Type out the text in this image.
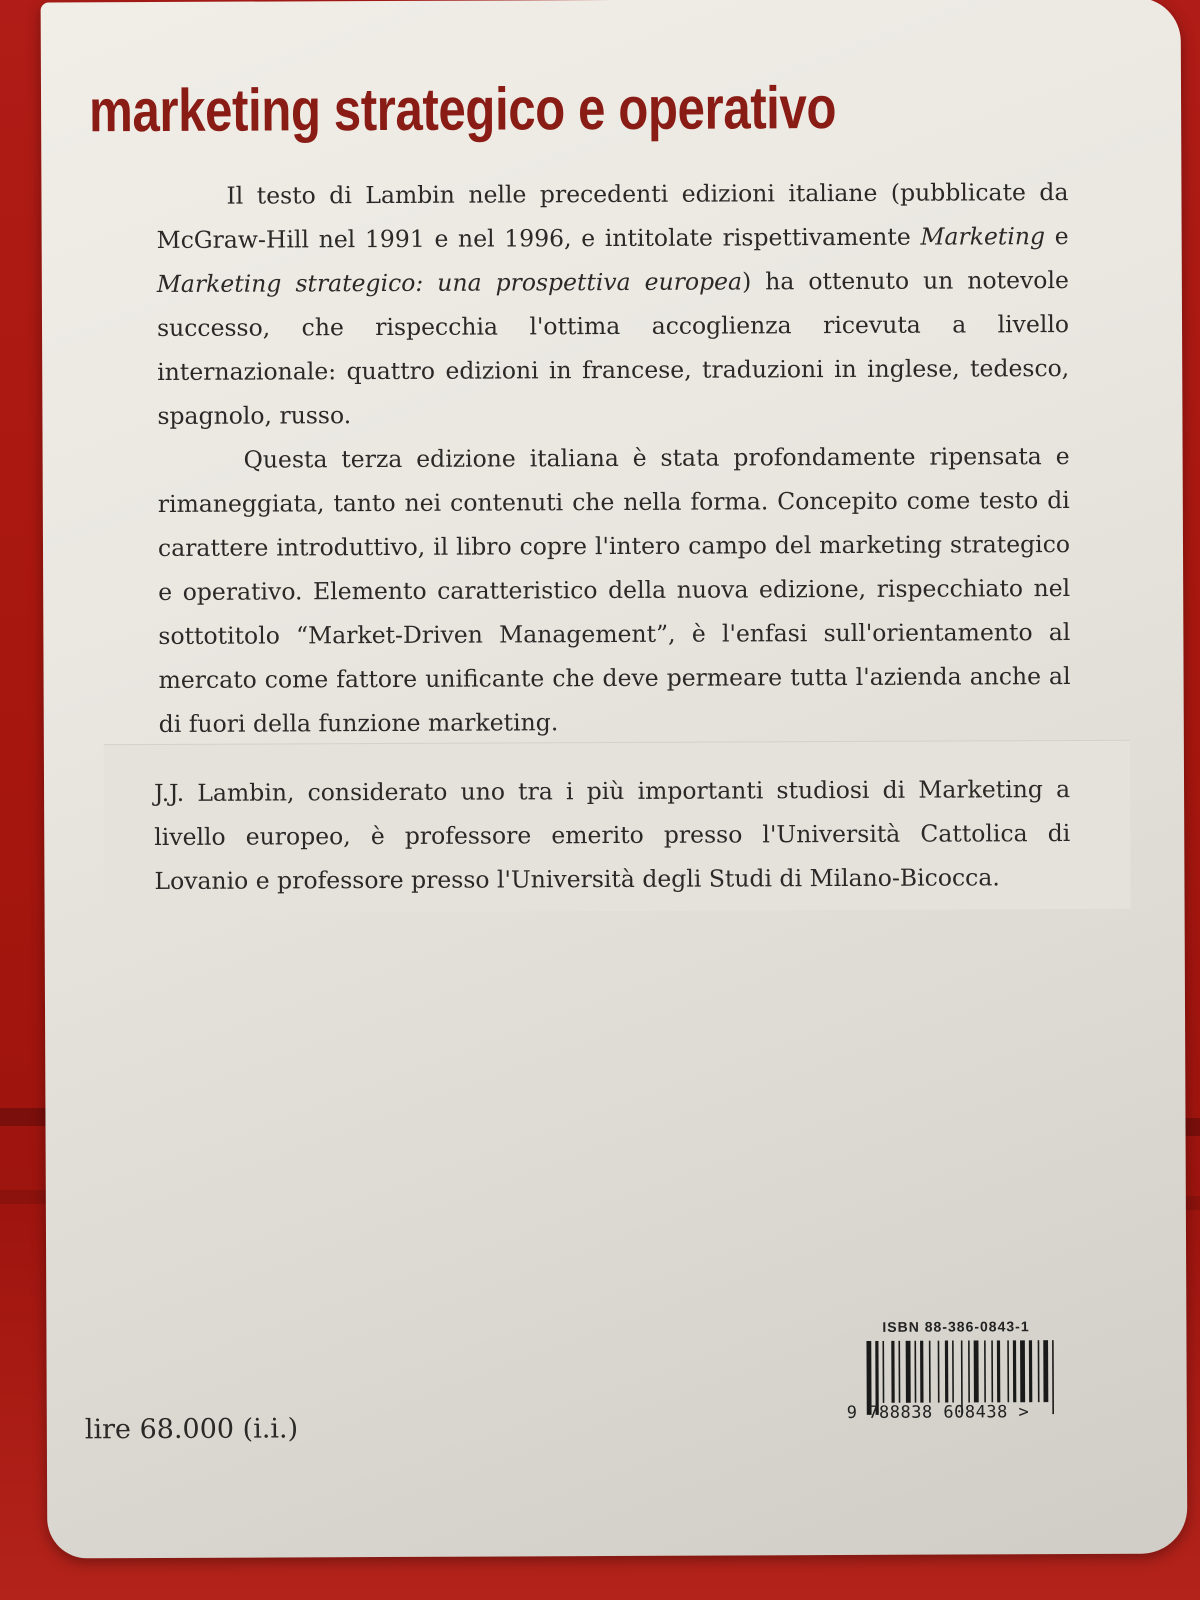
marketing strategico e operativo

Il testo di Lambin nelle precedenti edizioni italiane (pubblicate da McGraw-Hill nel 1991 e nel 1996, e intitolate rispettivamente Marketing e Marketing strategico: una prospettiva europea) ha ottenuto un notevole successo, che rispecchia l'ottima accoglienza ricevuta a livello internazionale: quattro edizioni in francese, traduzioni in inglese, tedesco, spagnolo, russo.

Questa terza edizione italiana è stata profondamente ripensata e rimaneggiata, tanto nei contenuti che nella forma. Concepito come testo di carattere introduttivo, il libro copre l'intero campo del marketing strategico e operativo. Elemento caratteristico della nuova edizione, rispecchiato nel sottotitolo “Market-Driven Management”, è l'enfasi sull'orientamento al mercato come fattore unificante che deve permeare tutta l'azienda anche al di fuori della funzione marketing.

J.J. Lambin, considerato uno tra i più importanti studiosi di Marketing a livello europeo, è professore emerito presso l'Università Cattolica di Lovanio e professore presso l'Università degli Studi di Milano-Bicocca.

ISBN 88-386-0843-1

9 788838 608438 >

lire 68.000 (i.i.)
